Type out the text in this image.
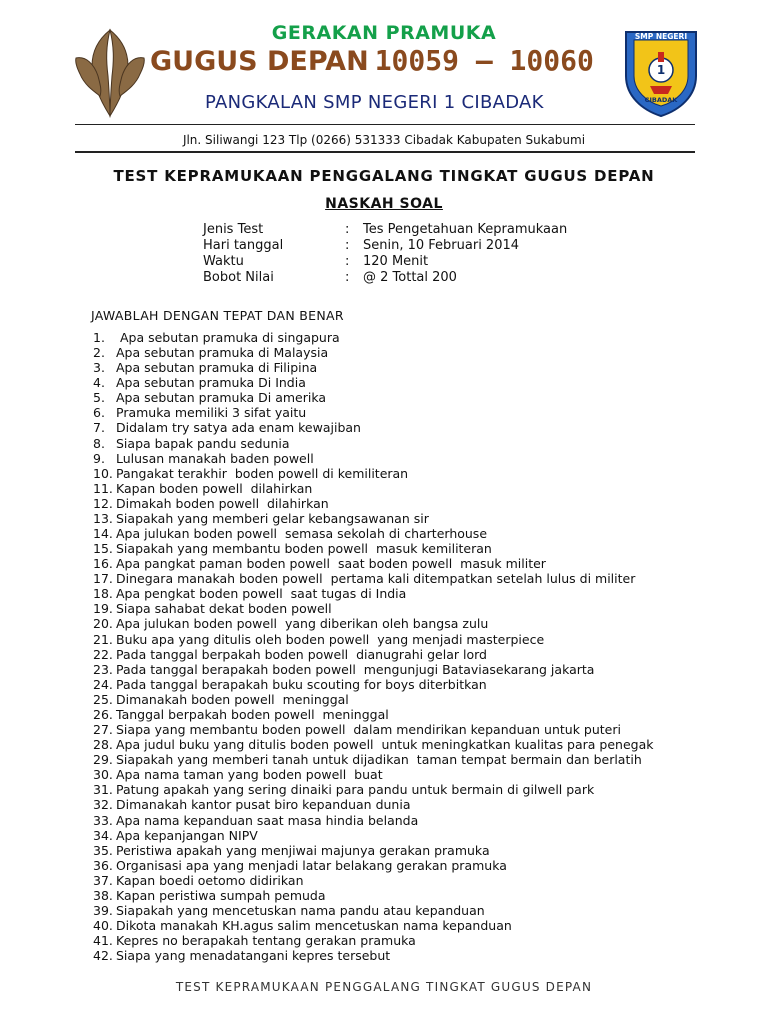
GERAKAN PRAMUKA
GUGUS DEPAN 10059 – 10060
SMP NEGERI
1
CIBADAK
PANGKALAN SMP NEGERI 1 CIBADAK
Jln. Siliwangi 123 Tlp (0266) 531333 Cibadak Kabupaten Sukabumi
TEST KEPRAMUKAAN PENGGALANG TINGKAT GUGUS DEPAN
NASKAH SOAL
Jenis Test	:	Tes Pengetahuan Kepramukaan
Hari tanggal	:	Senin, 10 Februari 2014
Waktu	:	120 Menit
Bobot Nilai	:	@ 2 Tottal 200
JAWABLAH DENGAN TEPAT DAN BENAR
1. Apa sebutan pramuka di singapura
2. Apa sebutan pramuka di Malaysia
3. Apa sebutan pramuka di Filipina
4. Apa sebutan pramuka Di India
5. Apa sebutan pramuka Di amerika
6. Pramuka memiliki 3 sifat yaitu
7. Didalam try satya ada enam kewajiban
8. Siapa bapak pandu sedunia
9. Lulusan manakah baden powell
10. Pangakat terakhir  boden powell di kemiliteran
11. Kapan boden powell  dilahirkan
12. Dimakah boden powell  dilahirkan
13. Siapakah yang memberi gelar kebangsawanan sir
14. Apa julukan boden powell  semasa sekolah di charterhouse
15. Siapakah yang membantu boden powell  masuk kemiliteran
16. Apa pangkat paman boden powell  saat boden powell  masuk militer
17. Dinegara manakah boden powell  pertama kali ditempatkan setelah lulus di militer
18. Apa pengkat boden powell  saat tugas di India
19. Siapa sahabat dekat boden powell
20. Apa julukan boden powell  yang diberikan oleh bangsa zulu
21. Buku apa yang ditulis oleh boden powell  yang menjadi masterpiece
22. Pada tanggal berpakah boden powell  dianugrahi gelar lord
23. Pada tanggal berapakah boden powell  mengunjugi Bataviasekarang jakarta
24. Pada tanggal berapakah buku scouting for boys diterbitkan
25. Dimanakah boden powell  meninggal
26. Tanggal berpakah boden powell  meninggal
27. Siapa yang membantu boden powell  dalam mendirikan kepanduan untuk puteri
28. Apa judul buku yang ditulis boden powell  untuk meningkatkan kualitas para penegak
29. Siapakah yang memberi tanah untuk dijadikan  taman tempat bermain dan berlatih
30. Apa nama taman yang boden powell  buat
31. Patung apakah yang sering dinaiki para pandu untuk bermain di gilwell park
32. Dimanakah kantor pusat biro kepanduan dunia
33. Apa nama kepanduan saat masa hindia belanda
34. Apa kepanjangan NIPV
35. Peristiwa apakah yang menjiwai majunya gerakan pramuka
36. Organisasi apa yang menjadi latar belakang gerakan pramuka
37. Kapan boedi oetomo didirikan
38. Kapan peristiwa sumpah pemuda
39. Siapakah yang mencetuskan nama pandu atau kepanduan
40. Dikota manakah KH.agus salim mencetuskan nama kepanduan
41. Kepres no berapakah tentang gerakan pramuka
42. Siapa yang menadatangani kepres tersebut
TEST KEPRAMUKAAN PENGGALANG TINGKAT GUGUS DEPAN
